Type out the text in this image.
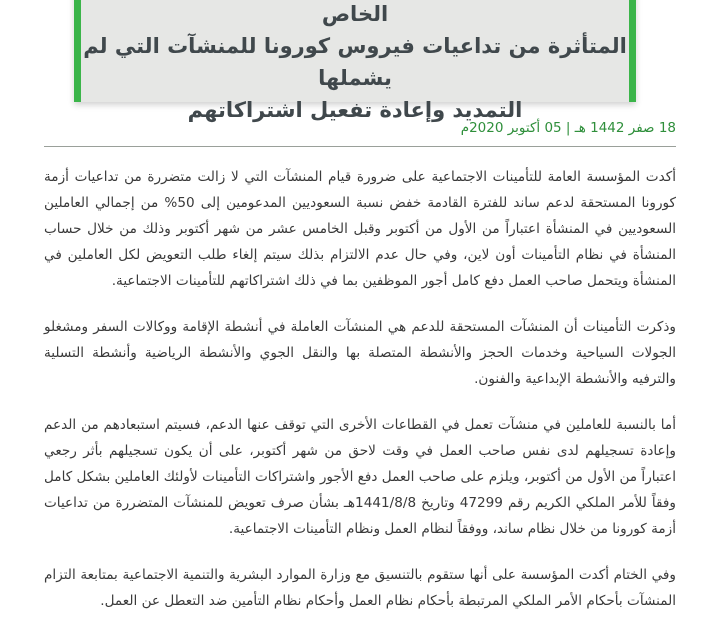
الخاص
المتأثرة من تداعيات فيروس كورونا للمنشآت التي لم يشملها
التمديد وإعادة تفعيل اشتراكاتهم
18 صفر 1442 هـ | 05 أكتوبر 2020م

أكدت المؤسسة العامة للتأمينات الاجتماعية على ضرورة قيام المنشآت التي لا زالت متضررة من تداعيات أزمة كورونا المستحقة لدعم ساند للفترة القادمة خفض نسبة السعوديين المدعومين إلى 50% من إجمالي العاملين السعوديين في المنشأة اعتباراً من الأول من أكتوبر وقبل الخامس عشر من شهر أكتوبر وذلك من خلال حساب المنشأة في نظام التأمينات أون لاين، وفي حال عدم الالتزام بذلك سيتم إلغاء طلب التعويض لكل العاملين في المنشأة ويتحمل صاحب العمل دفع كامل أجور الموظفين بما في ذلك اشتراكاتهم للتأمينات الاجتماعية.

وذكرت التأمينات أن المنشآت المستحقة للدعم هي المنشآت العاملة في أنشطة الإقامة ووكالات السفر ومشغلو الجولات السياحية وخدمات الحجز والأنشطة المتصلة بها والنقل الجوي والأنشطة الرياضية وأنشطة التسلية والترفيه والأنشطة الإبداعية والفنون.

أما بالنسبة للعاملين في منشآت تعمل في القطاعات الأخرى التي توقف عنها الدعم، فسيتم استبعادهم من الدعم وإعادة تسجيلهم لدى نفس صاحب العمل في وقت لاحق من شهر أكتوبر، على أن يكون تسجيلهم بأثر رجعي اعتباراً من الأول من أكتوبر، ويلزم على صاحب العمل دفع الأجور واشتراكات التأمينات لأولئك العاملين بشكل كامل وفقاً للأمر الملكي الكريم رقم 47299 وتاريخ 1441/8/8هـ بشأن صرف تعويض للمنشآت المتضررة من تداعيات أزمة كورونا من خلال نظام ساند، ووفقاً لنظام العمل ونظام التأمينات الاجتماعية.

وفي الختام أكدت المؤسسة على أنها ستقوم بالتنسيق مع وزارة الموارد البشرية والتنمية الاجتماعية بمتابعة التزام المنشآت بأحكام الأمر الملكي المرتبطة بأحكام نظام العمل وأحكام نظام التأمين ضد التعطل عن العمل.
